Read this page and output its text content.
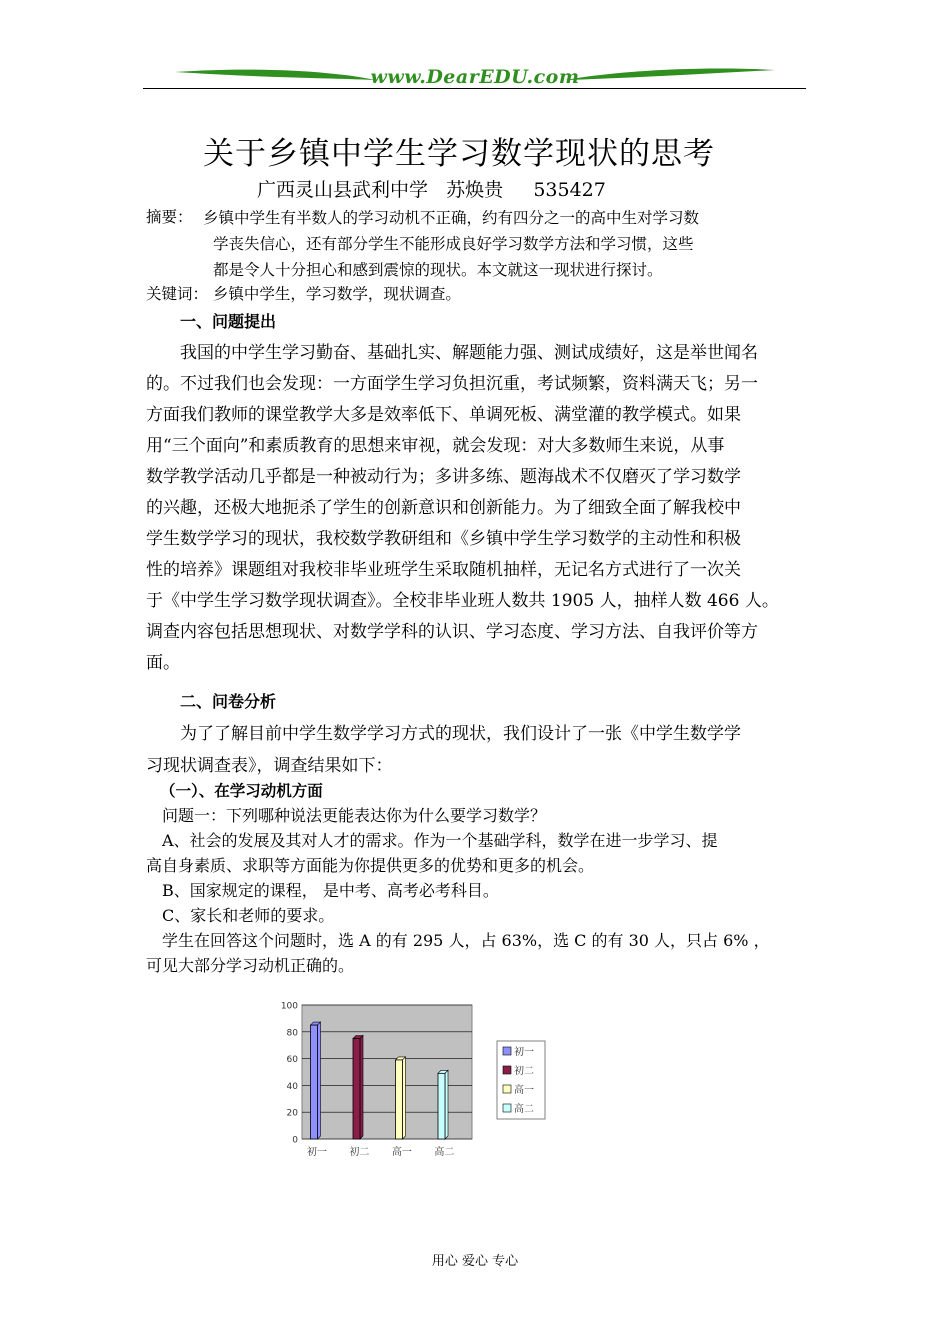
www.DearEDU.com
关于乡镇中学生学习数学现状的思考
广西灵山县武利中学   苏焕贵     535427
摘要： 乡镇中学生有半数人的学习动机不正确，约有四分之一的高中生对学习数
学丧失信心，还有部分学生不能形成良好学习数学方法和学习惯，这些
都是令人十分担心和感到震惊的现状。本文就这一现状进行探讨。
关键词： 乡镇中学生，学习数学，现状调查。
一、问题提出
我国的中学生学习勤奋、基础扎实、解题能力强、测试成绩好，这是举世闻名
的。不过我们也会发现：一方面学生学习负担沉重，考试频繁，资料满天飞；另一
方面我们教师的课堂教学大多是效率低下、单调死板、满堂灌的教学模式。如果
用“三个面向”和素质教育的思想来审视，就会发现：对大多数师生来说，从事
数学教学活动几乎都是一种被动行为；多讲多练、题海战术不仅磨灭了学习数学
的兴趣，还极大地扼杀了学生的创新意识和创新能力。为了细致全面了解我校中
学生数学学习的现状，我校数学教研组和《乡镇中学生学习数学的主动性和积极
性的培养》课题组对我校非毕业班学生采取随机抽样，无记名方式进行了一次关
于《中学生学习数学现状调查》。全校非毕业班人数共 1905 人，抽样人数 466 人。
调查内容包括思想现状、对数学学科的认识、学习态度、学习方法、自我评价等方
面。
二、问卷分析
为了了解目前中学生数学学习方式的现状，我们设计了一张《中学生数学学
习现状调查表》，调查结果如下：
（一）、在学习动机方面
问题一：下列哪种说法更能表达你为什么要学习数学？
A、社会的发展及其对人才的需求。作为一个基础学科，数学在进一步学习、提
高自身素质、求职等方面能为你提供更多的优势和更多的机会。
B、国家规定的课程， 是中考、高考必考科目。
C、家长和老师的要求。
学生在回答这个问题时，选 A 的有 295 人，占 63%，选 C 的有 30 人，只占 6% ，
可见大部分学习动机正确的。
0
20
40
60
80
100
初一 初二 高一 高二
初一
初二
高一
高二
用心 爱心 专心
